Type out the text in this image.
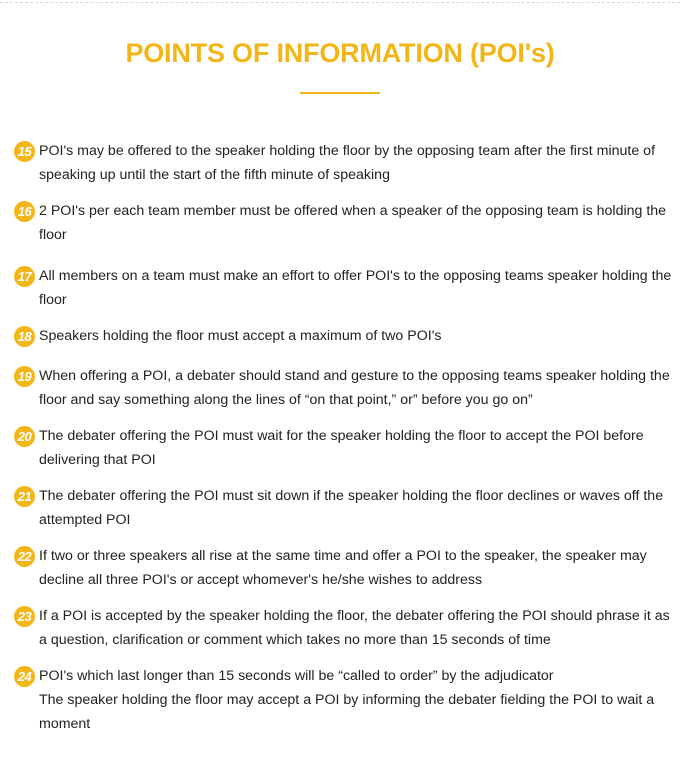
POINTS OF INFORMATION (POI's)
15 POI's may be offered to the speaker holding the floor by the opposing team after the first minute of speaking up until the start of the fifth minute of speaking
16 2 POI's per each team member must be offered when a speaker of the opposing team is holding the floor
17 All members on a team must make an effort to offer POI's to the opposing teams speaker holding the floor
18 Speakers holding the floor must accept a maximum of two POI's
19 When offering a POI, a debater should stand and gesture to the opposing teams speaker holding the floor and say something along the lines of “on that point,” or” before you go on”
20 The debater offering the POI must wait for the speaker holding the floor to accept the POI before delivering that POI
21 The debater offering the POI must sit down if the speaker holding the floor declines or waves off the attempted POI
22 If two or three speakers all rise at the same time and offer a POI to the speaker, the speaker may decline all three POI's or accept whomever's he/she wishes to address
23 If a POI is accepted by the speaker holding the floor, the debater offering the POI should phrase it as a question, clarification or comment which takes no more than 15 seconds of time
24 POI's which last longer than 15 seconds will be “called to order” by the adjudicator
The speaker holding the floor may accept a POI by informing the debater fielding the POI to wait a moment
